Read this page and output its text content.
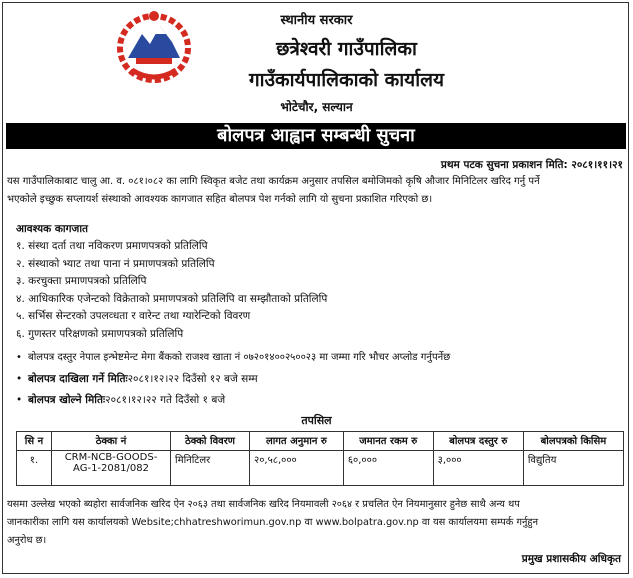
स्थानीय सरकार
छत्रेश्वरी गाउँपालिका
गाउँकार्यपालिकाको कार्यालय
भोटेचौर, सल्यान
बोलपत्र आह्वान सम्बन्धी सुचना
प्रथम पटक सुचना प्रकाशन मिति: २०८१।११।२१
यस गाउँपालिकाबाट चालु आ. व. ०८१।०८२ का लागि स्विकृत बजेट तथा कार्यक्रम अनुसार तपसिल बमोजिमको कृषि औजार मिनिटिलर खरिद गर्नु पर्ने
भएकोले इच्छुक सप्लायर्श संस्थाको आवश्यक कागजात सहित बोलपत्र पेश गर्नको लागि यो सुचना प्रकाशित गरिएको छ।
आवश्यक कागजात
१. संस्था दर्ता तथा नविकरण प्रमाणपत्रको प्रतिलिपि
२. संस्थाको भ्याट तथा पाना नं प्रमाणपत्रको प्रतिलिपि
३. करचुक्ता प्रमाणपत्रको प्रतिलिपि
४. आधिकारिक एजेन्टको विक्रेताको प्रमाणपत्रको प्रतिलिपि वा सम्झौताको प्रतिलिपि
५. सर्भिस सेन्टरको उपलव्धता र वारेन्ट तथा ग्यारेन्टिको विवरण
६. गुणस्तर परिक्षणको प्रमाणपत्रको प्रतिलिपि
• बोलपत्र दस्तुर नेपाल इन्भेष्टमेन्ट मेगा बैंकको राजश्व खाता नं ०७२०१४००२५००२३ मा जम्मा गरि भौचर अप्लोड गर्नुपर्नेछ
• बोलपत्र दाखिला गर्ने मितिः२०८१।१२।२२ दिउँसो १२ बजे सम्म
• बोलपत्र खोल्ने मितिः२०८१।१२।२२ गते दिउँसो १ बजे
तपसिल
सि न	ठेक्का नं	ठेक्को विवरण	लागत अनुमान रु	जमानत रकम रु	बोलपत्र दस्तुर रु	बोलपत्रको किसिम
१.	CRM-NCB-GOODS-AG-1-2081/082	मिनिटिलर	२०,५८,०००	६०,०००	३,०००	विद्युतिय
यसमा उल्लेख भएको ब्यहोरा सार्वजनिक खरिद ऐन २०६३ तथा सार्वजनिक खरिद नियमावली २०६४ र प्रचलित ऐन नियमानुसार हुनेछ साथै अन्य थप
जानकारीका लागि यस कार्यालयको Website;chhatreshworimun.gov.np वा www.bolpatra.gov.np वा यस कार्यालयमा सम्पर्क गर्नुहुन
अनुरोध छ।
प्रमुख प्रशासकीय अधिकृत
